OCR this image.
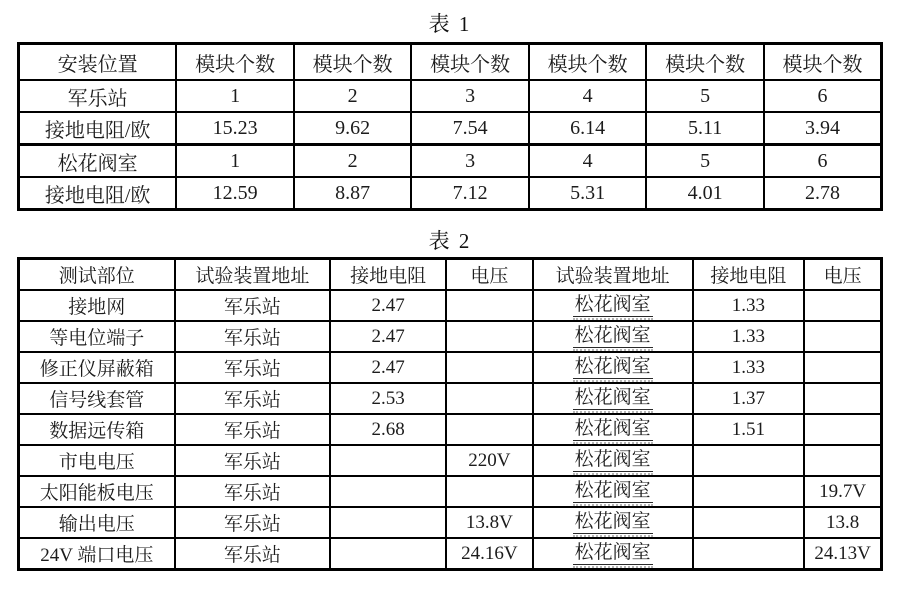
表 1
安装位置	模块个数	模块个数	模块个数	模块个数	模块个数	模块个数
军乐站	1	2	3	4	5	6
接地电阻/欧	15.23	9.62	7.54	6.14	5.11	3.94
松花阀室	1	2	3	4	5	6
接地电阻/欧	12.59	8.87	7.12	5.31	4.01	2.78
表 2
测试部位	试验装置地址	接地电阻	电压	试验装置地址	接地电阻	电压
接地网	军乐站	2.47		松花阀室	1.33	
等电位端子	军乐站	2.47		松花阀室	1.33	
修正仪屏蔽箱	军乐站	2.47		松花阀室	1.33	
信号线套管	军乐站	2.53		松花阀室	1.37	
数据远传箱	军乐站	2.68		松花阀室	1.51	
市电电压	军乐站		220V	松花阀室		
太阳能板电压	军乐站			松花阀室		19.7V
输出电压	军乐站		13.8V	松花阀室		13.8
24V 端口电压	军乐站		24.16V	松花阀室		24.13V
